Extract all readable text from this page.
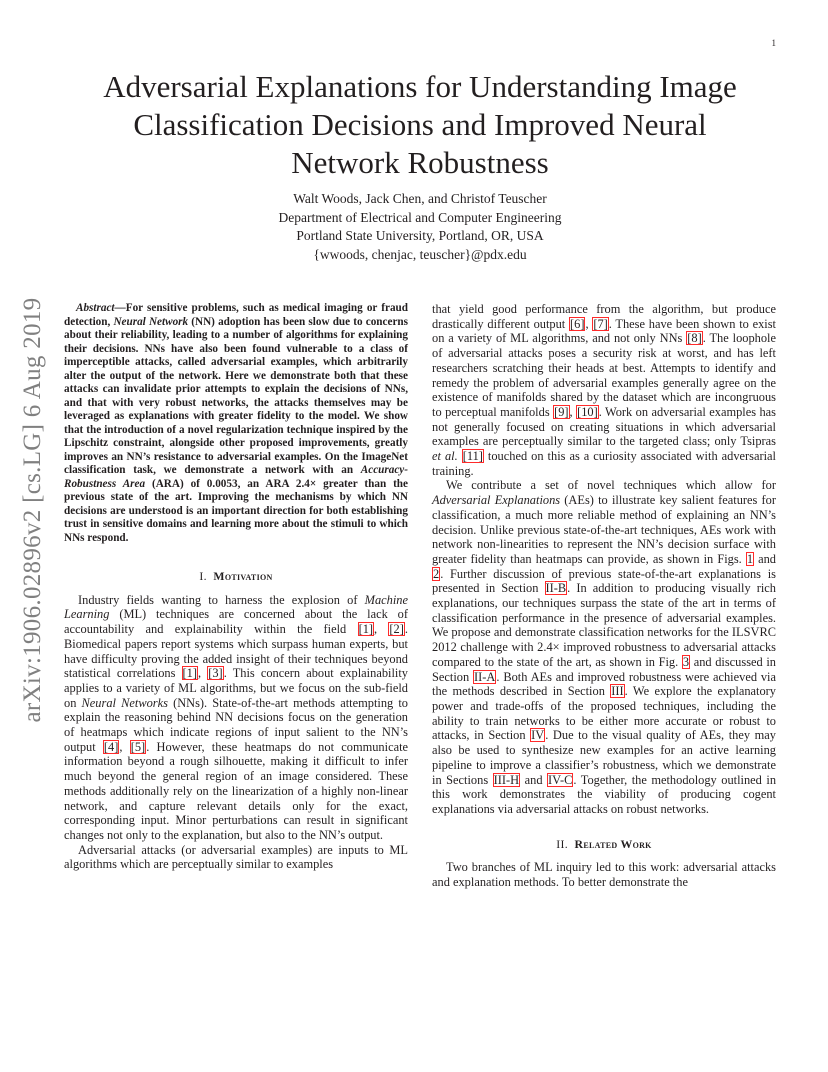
1
arXiv:1906.02896v2 [cs.LG] 6 Aug 2019
Adversarial Explanations for Understanding Image
Classification Decisions and Improved Neural
Network Robustness
Walt Woods, Jack Chen, and Christof Teuscher
Department of Electrical and Computer Engineering
Portland State University, Portland, OR, USA
{wwoods, chenjac, teuscher}@pdx.edu

Abstract—For sensitive problems, such as medical imaging or fraud detection, Neural Network (NN) adoption has been slow due to concerns about their reliability, leading to a number of algorithms for explaining their decisions. NNs have also been found vulnerable to a class of imperceptible attacks, called adversarial examples, which arbitrarily alter the output of the network. Here we demonstrate both that these attacks can invalidate prior attempts to explain the decisions of NNs, and that with very robust networks, the attacks themselves may be leveraged as explanations with greater fidelity to the model. We show that the introduction of a novel regularization technique inspired by the Lipschitz constraint, alongside other proposed improvements, greatly improves an NN’s resistance to adversarial examples. On the ImageNet classification task, we demonstrate a network with an Accuracy-Robustness Area (ARA) of 0.0053, an ARA 2.4× greater than the previous state of the art. Improving the mechanisms by which NN decisions are understood is an important direction for both establishing trust in sensitive domains and learning more about the stimuli to which NNs respond.

I. Motivation

Industry fields wanting to harness the explosion of Machine Learning (ML) techniques are concerned about the lack of accountability and explainability within the field [1], [2]. Biomedical papers report systems which surpass human experts, but have difficulty proving the added insight of their techniques beyond statistical correlations [1], [3]. This concern about explainability applies to a variety of ML algorithms, but we focus on the sub-field on Neural Networks (NNs). State-of-the-art methods attempting to explain the reasoning behind NN decisions focus on the generation of heatmaps which indicate regions of input salient to the NN’s output [4], [5]. However, these heatmaps do not communicate information beyond a rough silhouette, making it difficult to infer much beyond the general region of an image considered. These methods additionally rely on the linearization of a highly non-linear network, and capture relevant details only for the exact, corresponding input. Minor perturbations can result in significant changes not only to the explanation, but also to the NN’s output.

Adversarial attacks (or adversarial examples) are inputs to ML algorithms which are perceptually similar to examples

that yield good performance from the algorithm, but produce drastically different output [6], [7]. These have been shown to exist on a variety of ML algorithms, and not only NNs [8]. The loophole of adversarial attacks poses a security risk at worst, and has left researchers scratching their heads at best. Attempts to identify and remedy the problem of adversarial examples generally agree on the existence of manifolds shared by the dataset which are incongruous to perceptual manifolds [9], [10]. Work on adversarial examples has not generally focused on creating situations in which adversarial examples are perceptually similar to the targeted class; only Tsipras et al. [11] touched on this as a curiosity associated with adversarial training.

We contribute a set of novel techniques which allow for Adversarial Explanations (AEs) to illustrate key salient features for classification, a much more reliable method of explaining an NN’s decision. Unlike previous state-of-the-art techniques, AEs work with network non-linearities to represent the NN’s decision surface with greater fidelity than heatmaps can provide, as shown in Figs. 1 and 2. Further discussion of previous state-of-the-art explanations is presented in Section II-B. In addition to producing visually rich explanations, our techniques surpass the state of the art in terms of classification performance in the presence of adversarial examples. We propose and demonstrate classification networks for the ILSVRC 2012 challenge with 2.4× improved robustness to adversarial attacks compared to the state of the art, as shown in Fig. 3 and discussed in Section II-A. Both AEs and improved robustness were achieved via the methods described in Section III. We explore the explanatory power and trade-offs of the proposed techniques, including the ability to train networks to be either more accurate or robust to attacks, in Section IV. Due to the visual quality of AEs, they may also be used to synthesize new examples for an active learning pipeline to improve a classifier’s robustness, which we demonstrate in Sections III-H and IV-C. Together, the methodology outlined in this work demonstrates the viability of producing cogent explanations via adversarial attacks on robust networks.

II. Related Work

Two branches of ML inquiry led to this work: adversarial attacks and explanation methods. To better demonstrate the
